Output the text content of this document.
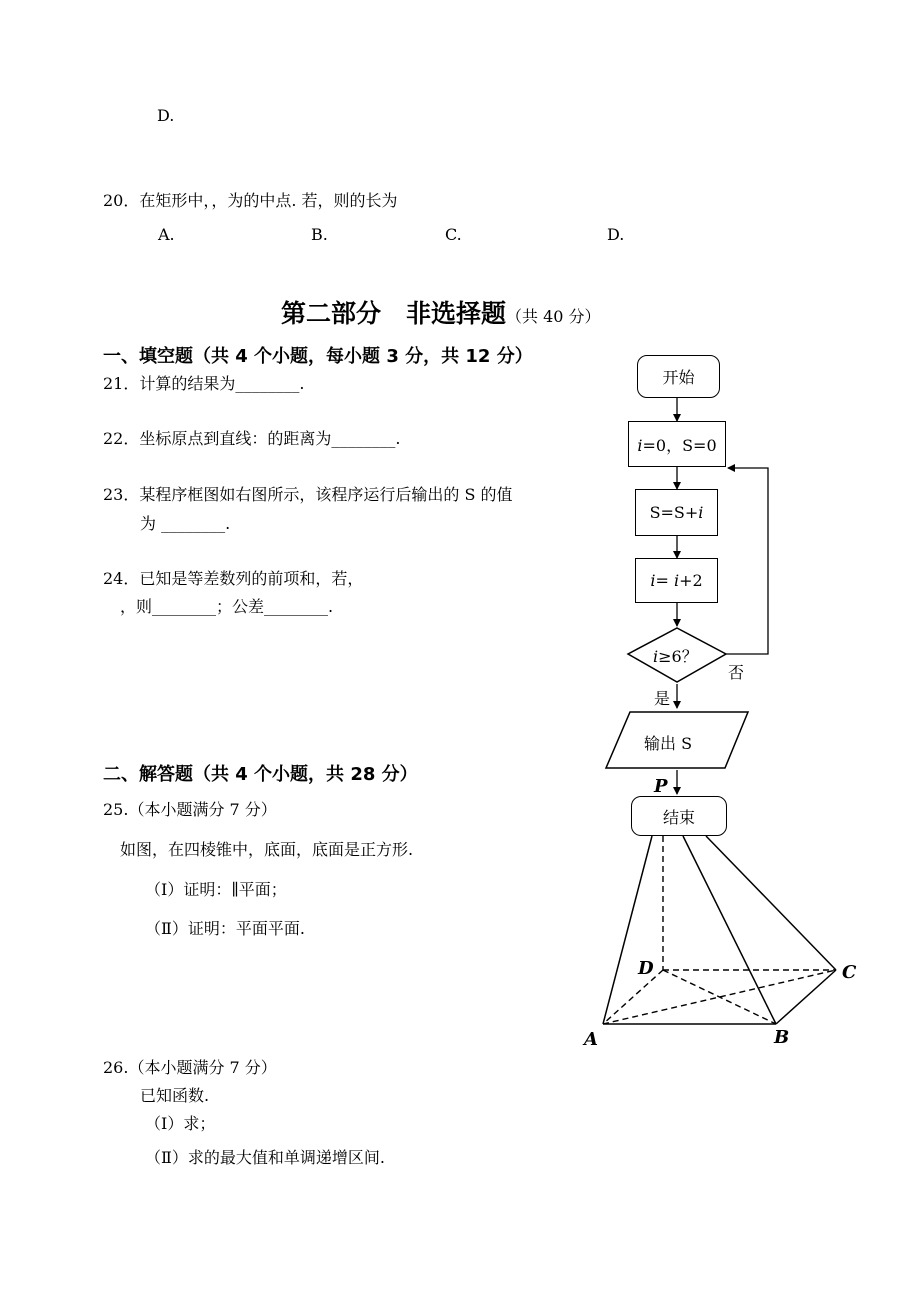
D.
20．在矩形中，，为的中点. 若，则的长为
A.	B.	C.	D.
第二部分　非选择题（共 40 分）
一、填空题（共 4 个小题，每小题 3 分，共 12 分）
21．计算的结果为________.
22．坐标原点到直线：的距离为________.
23．某程序框图如右图所示，该程序运行后输出的 S 的值
为 ________.
24．已知是等差数列的前项和，若，
，则________；公差________.
二、解答题（共 4 个小题，共 28 分）
25.（本小题满分 7 分）
如图，在四棱锥中，底面，底面是正方形.
（Ⅰ）证明：∥平面；
（Ⅱ）证明：平面平面.
26.（本小题满分 7 分）
已知函数.
（Ⅰ）求；
（Ⅱ）求的最大值和单调递增区间.
开始
i=0，S=0
S=S+i
i= i+2
i≥6？
否
是
输出 S
结束
P
D	C
A	B
